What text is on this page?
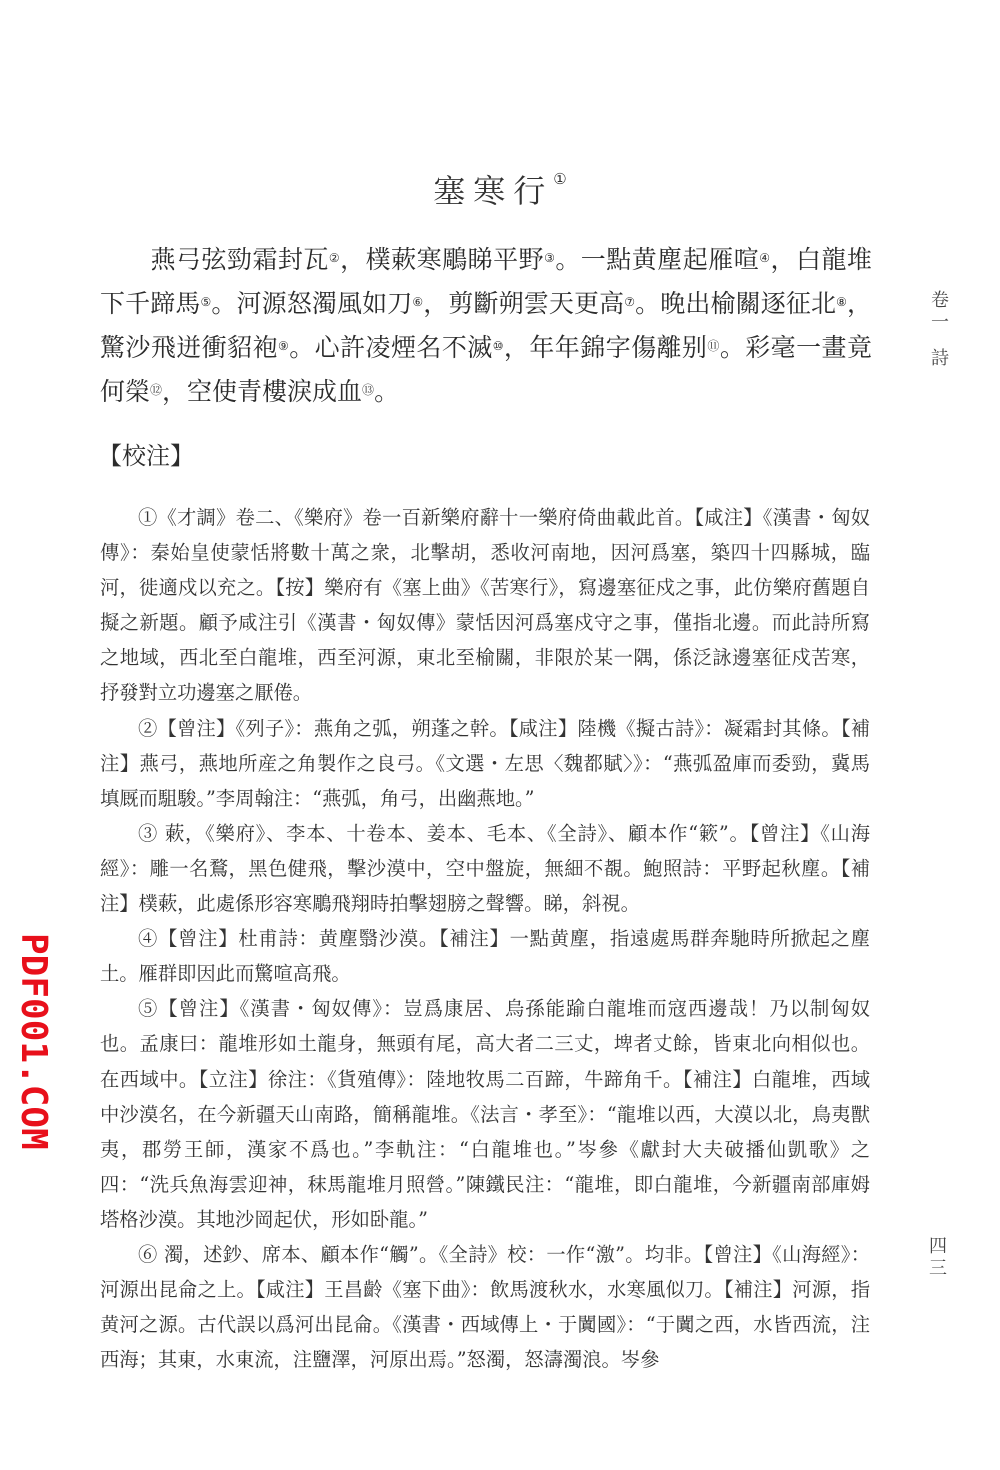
塞寒行①

燕弓弦勁霜封瓦②，樸蔌寒鵰睇平野③。一點黄塵起雁喧④，白龍堆下千蹄馬⑤。河源怒濁風如刀⑥，剪斷朔雲天更高⑦。晚出榆關逐征北⑧，驚沙飛迸衝貂袍⑨。心許凌煙名不滅⑩，年年錦字傷離别⑪。彩毫一畫竟何榮⑫，空使青樓淚成血⑬。

【校注】

①《才調》卷二、《樂府》卷一百新樂府辭十一樂府倚曲載此首。【咸注】《漢書・匈奴傳》：秦始皇使蒙恬將數十萬之衆，北擊胡，悉收河南地，因河爲塞，築四十四縣城，臨河，徙適戍以充之。【按】樂府有《塞上曲》《苦寒行》，寫邊塞征戍之事，此仿樂府舊題自擬之新題。顧予咸注引《漢書・匈奴傳》蒙恬因河爲塞戍守之事，僅指北邊。而此詩所寫之地域，西北至白龍堆，西至河源，東北至榆關，非限於某一隅，係泛詠邊塞征戍苦寒，抒發對立功邊塞之厭倦。

②【曾注】《列子》：燕角之弧，朔蓬之幹。【咸注】陸機《擬古詩》：凝霜封其條。【補注】燕弓，燕地所産之角製作之良弓。《文選・左思〈魏都賦〉》：“燕弧盈庫而委勁，冀馬填厩而駔駿。”李周翰注：“燕弧，角弓，出幽燕地。”

③ 蔌，《樂府》、李本、十卷本、姜本、毛本、《全詩》、顧本作“簌”。【曾注】《山海經》：雕一名鶩，黑色健飛，擊沙漠中，空中盤旋，無細不覩。鮑照詩：平野起秋塵。【補注】樸蔌，此處係形容寒鵰飛翔時拍擊翅膀之聲響。睇，斜視。

④【曾注】杜甫詩：黄塵翳沙漠。【補注】一點黄塵，指遠處馬群奔馳時所掀起之塵土。雁群即因此而驚喧高飛。

⑤【曾注】《漢書・匈奴傳》：豈爲康居、烏孫能踰白龍堆而寇西邊哉！乃以制匈奴也。孟康曰：龍堆形如土龍身，無頭有尾，高大者二三丈，埤者丈餘，皆東北向相似也。在西域中。【立注】徐注：《貨殖傳》：陸地牧馬二百蹄，牛蹄角千。【補注】白龍堆，西域中沙漠名，在今新疆天山南路，簡稱龍堆。《法言・孝至》：“龍堆以西，大漠以北，鳥夷獸夷，郡勞王師，漢家不爲也。”李軌注：“白龍堆也。”岑參《獻封大夫破播仙凱歌》之四：“洗兵魚海雲迎神，秣馬龍堆月照營。”陳鐵民注：“龍堆，即白龍堆，今新疆南部庫姆塔格沙漠。其地沙岡起伏，形如卧龍。”

⑥ 濁，述鈔、席本、顧本作“觸”。《全詩》校：一作“激”。均非。【曾注】《山海經》：河源出昆侖之上。【咸注】王昌齡《塞下曲》：飲馬渡秋水，水寒風似刀。【補注】河源，指黄河之源。古代誤以爲河出昆侖。《漢書・西域傳上・于闐國》：“于闐之西，水皆西流，注西海；其東，水東流，注鹽澤，河原出焉。”怒濁，怒濤濁浪。岑參

卷
一
詩
四
三
PDF001.COM
